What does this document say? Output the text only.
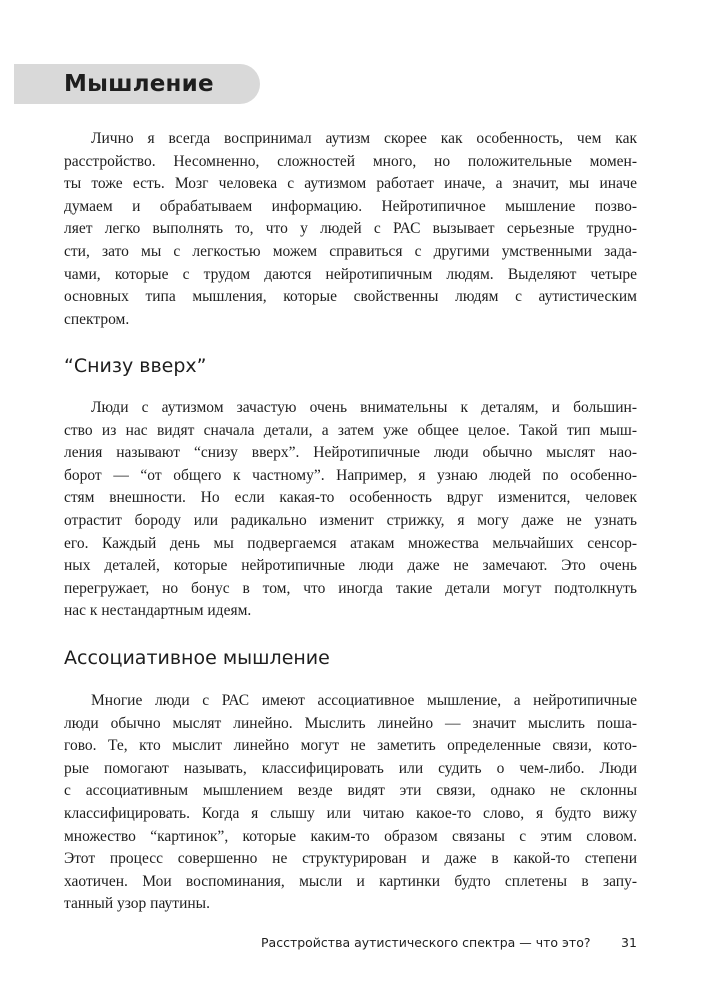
Мышление
Лично я всегда воспринимал аутизм скорее как особенность, чем как
расстройство. Несомненно, сложностей много, но положительные момен-
ты тоже есть. Мозг человека с аутизмом работает иначе, а значит, мы иначе
думаем и обрабатываем информацию. Нейротипичное мышление позво-
ляет легко выполнять то, что у людей с РАС вызывает серьезные трудно-
сти, зато мы с легкостью можем справиться с другими умственными зада-
чами, которые с трудом даются нейротипичным людям. Выделяют четыре
основных типа мышления, которые свойственны людям с аутистическим
спектром.
“Снизу вверх”
Люди с аутизмом зачастую очень внимательны к деталям, и большин-
ство из нас видят сначала детали, а затем уже общее целое. Такой тип мыш-
ления называют “снизу вверх”. Нейротипичные люди обычно мыслят нао-
борот — “от общего к частному”. Например, я узнаю людей по особенно-
стям внешности. Но если какая-то особенность вдруг изменится, человек
отрастит бороду или радикально изменит стрижку, я могу даже не узнать
его. Каждый день мы подвергаемся атакам множества мельчайших сенсор-
ных деталей, которые нейротипичные люди даже не замечают. Это очень
перегружает, но бонус в том, что иногда такие детали могут подтолкнуть
нас к нестандартным идеям.
Ассоциативное мышление
Многие люди с РАС имеют ассоциативное мышление, а нейротипичные
люди обычно мыслят линейно. Мыслить линейно — значит мыслить поша-
гово. Те, кто мыслит линейно могут не заметить определенные связи, кото-
рые помогают называть, классифицировать или судить о чем-либо. Люди
с ассоциативным мышлением везде видят эти связи, однако не склонны
классифицировать. Когда я слышу или читаю какое-то слово, я будто вижу
множество “картинок”, которые каким-то образом связаны с этим словом.
Этот процесс совершенно не структурирован и даже в какой-то степени
хаотичен. Мои воспоминания, мысли и картинки будто сплетены в запу-
танный узор паутины.
Расстройства аутистического спектра — что это? 31
